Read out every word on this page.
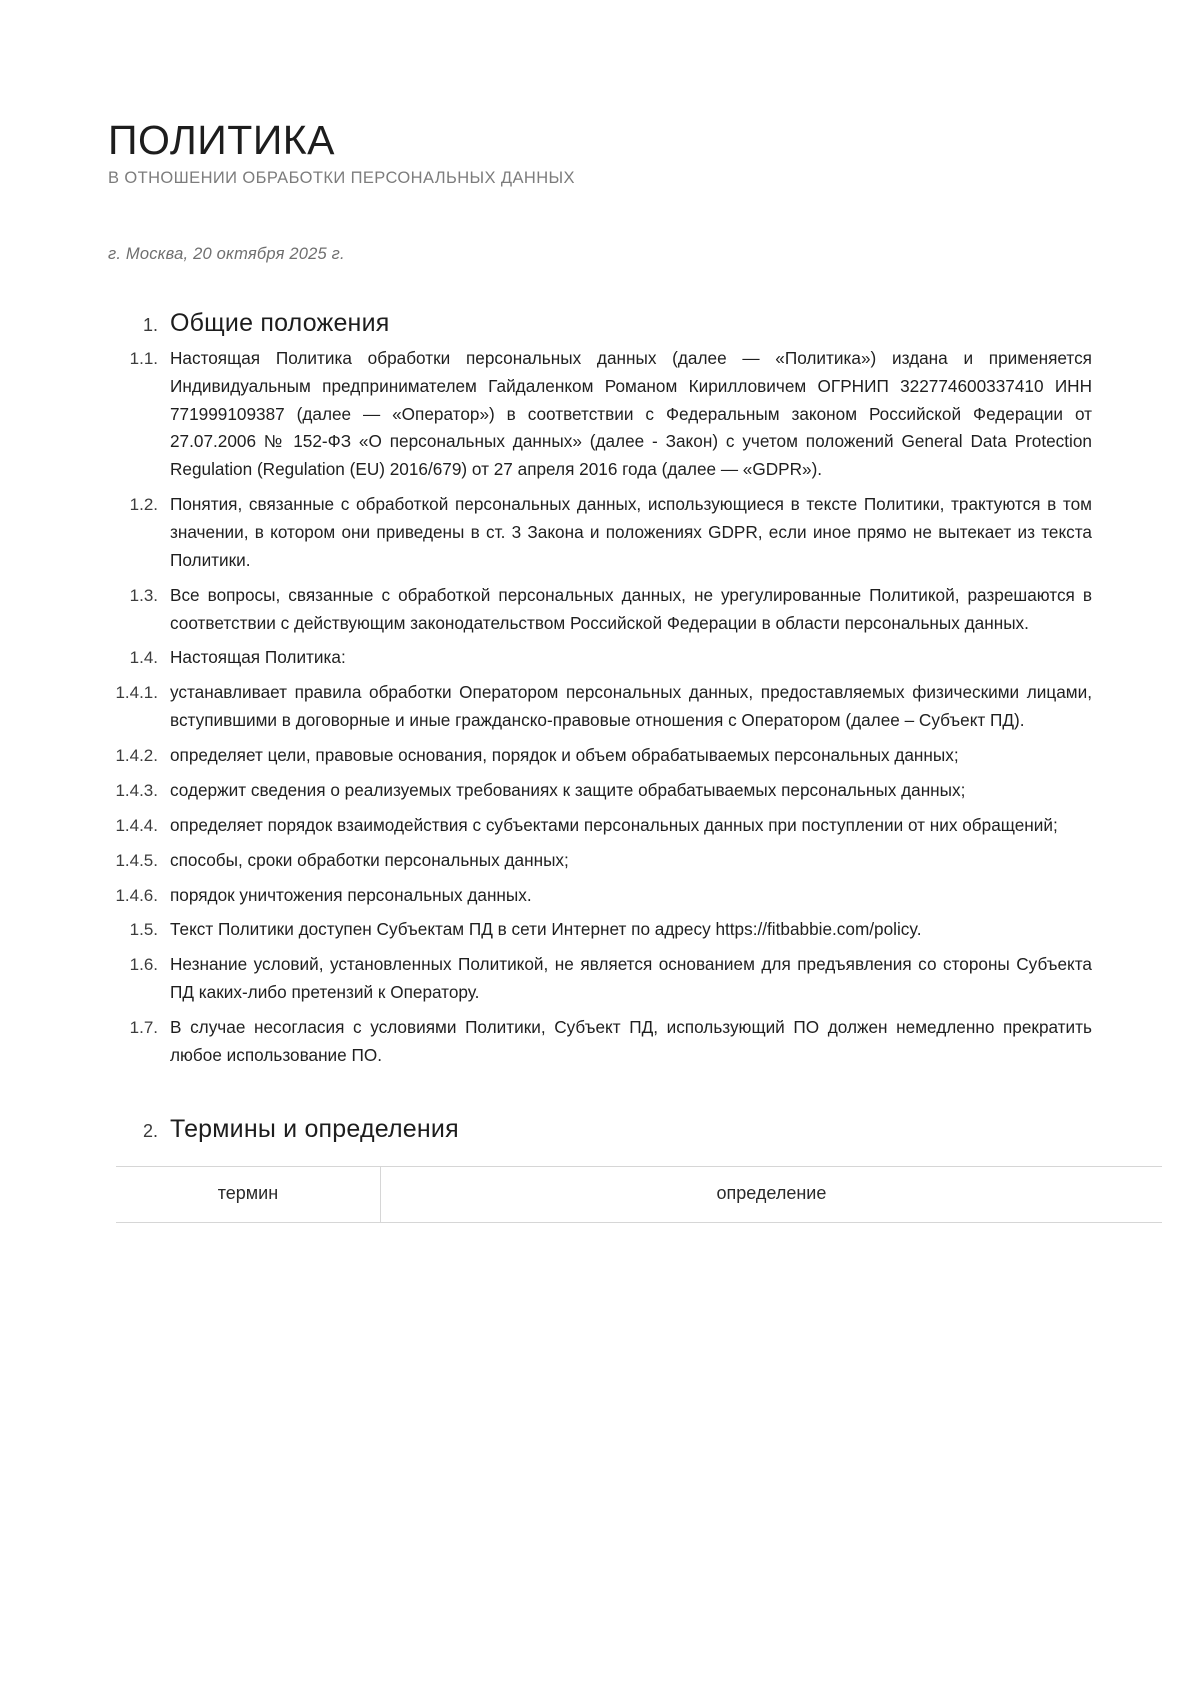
ПОЛИТИКА
В ОТНОШЕНИИ ОБРАБОТКИ ПЕРСОНАЛЬНЫХ ДАННЫХ
г. Москва, 20 октября 2025 г.
1. Общие положения
1.1. Настоящая Политика обработки персональных данных (далее — «Политика») издана и применяется Индивидуальным предпринимателем Гайдаленком Романом Кирилловичем ОГРНИП 322774600337410 ИНН 771999109387 (далее — «Оператор») в соответствии с Федеральным законом Российской Федерации от 27.07.2006 № 152-ФЗ «О персональных данных» (далее - Закон) с учетом положений General Data Protection Regulation (Regulation (EU) 2016/679) от 27 апреля 2016 года (далее — «GDPR»).
1.2. Понятия, связанные с обработкой персональных данных, использующиеся в тексте Политики, трактуются в том значении, в котором они приведены в ст. 3 Закона и положениях GDPR, если иное прямо не вытекает из текста Политики.
1.3. Все вопросы, связанные с обработкой персональных данных, не урегулированные Политикой, разрешаются в соответствии с действующим законодательством Российской Федерации в области персональных данных.
1.4. Настоящая Политика:
1.4.1. устанавливает правила обработки Оператором персональных данных, предоставляемых физическими лицами, вступившими в договорные и иные гражданско-правовые отношения с Оператором (далее – Субъект ПД).
1.4.2. определяет цели, правовые основания, порядок и объем обрабатываемых персональных данных;
1.4.3. содержит сведения о реализуемых требованиях к защите обрабатываемых персональных данных;
1.4.4. определяет порядок взаимодействия с субъектами персональных данных при поступлении от них обращений;
1.4.5. способы, сроки обработки персональных данных;
1.4.6. порядок уничтожения персональных данных.
1.5. Текст Политики доступен Субъектам ПД в сети Интернет по адресу https://fitbabbie.com/policy.
1.6. Незнание условий, установленных Политикой, не является основанием для предъявления со стороны Субъекта ПД каких-либо претензий к Оператору.
1.7. В случае несогласия с условиями Политики, Субъект ПД, использующий ПО должен немедленно прекратить любое использование ПО.
2. Термины и определения
термин	определение
